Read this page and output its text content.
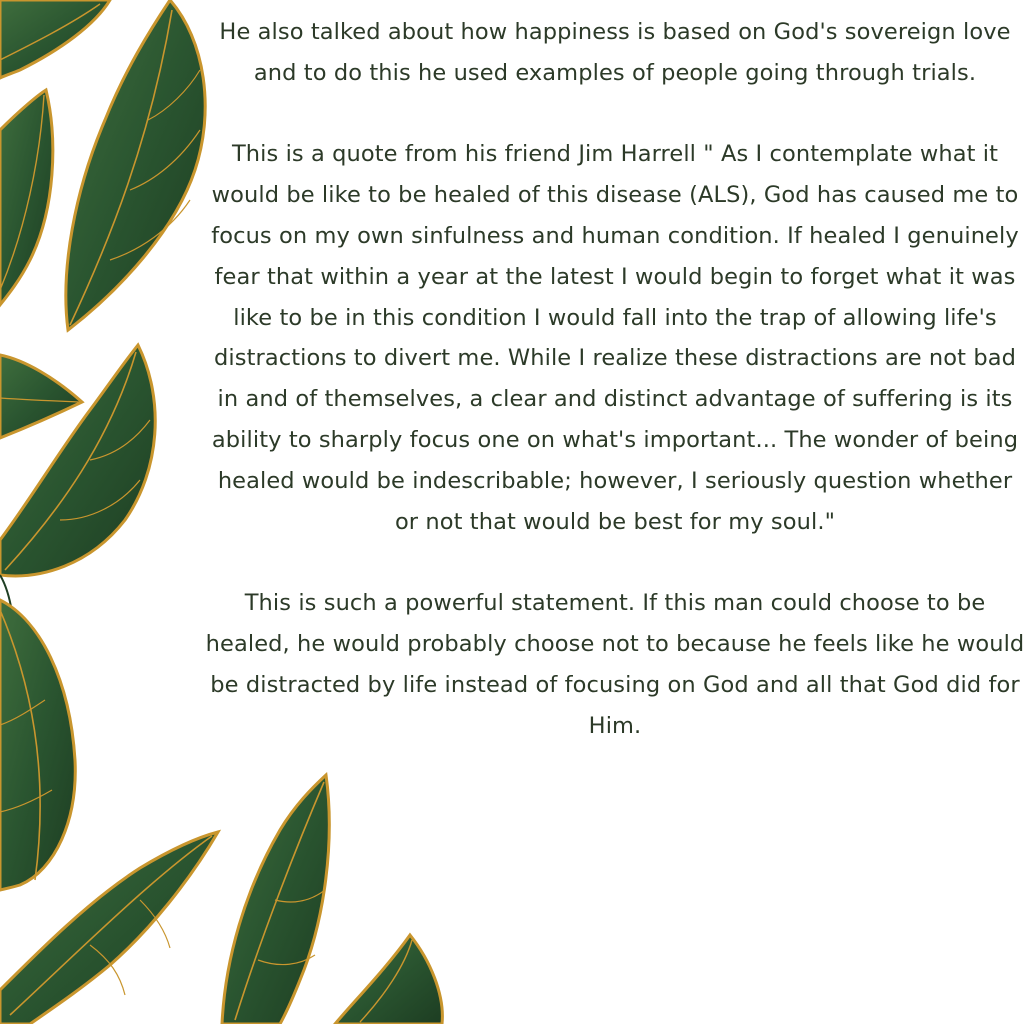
He also talked about how happiness is based on God's sovereign love and to do this he used examples of people going through trials.

This is a quote from his friend Jim Harrell " As I contemplate what it would be like to be healed of this disease (ALS), God has caused me to focus on my own sinfulness and human condition. If healed I genuinely fear that within a year at the latest I would begin to forget what it was like to be in this condition I would fall into the trap of allowing life's distractions to divert me. While I realize these distractions are not bad in and of themselves, a clear and distinct advantage of suffering is its ability to sharply focus one on what's important... The wonder of being healed would be indescribable; however, I seriously question whether or not that would be best for my soul."

This is such a powerful statement. If this man could choose to be healed, he would probably choose not to because he feels like he would be distracted by life instead of focusing on God and all that God did for Him.
